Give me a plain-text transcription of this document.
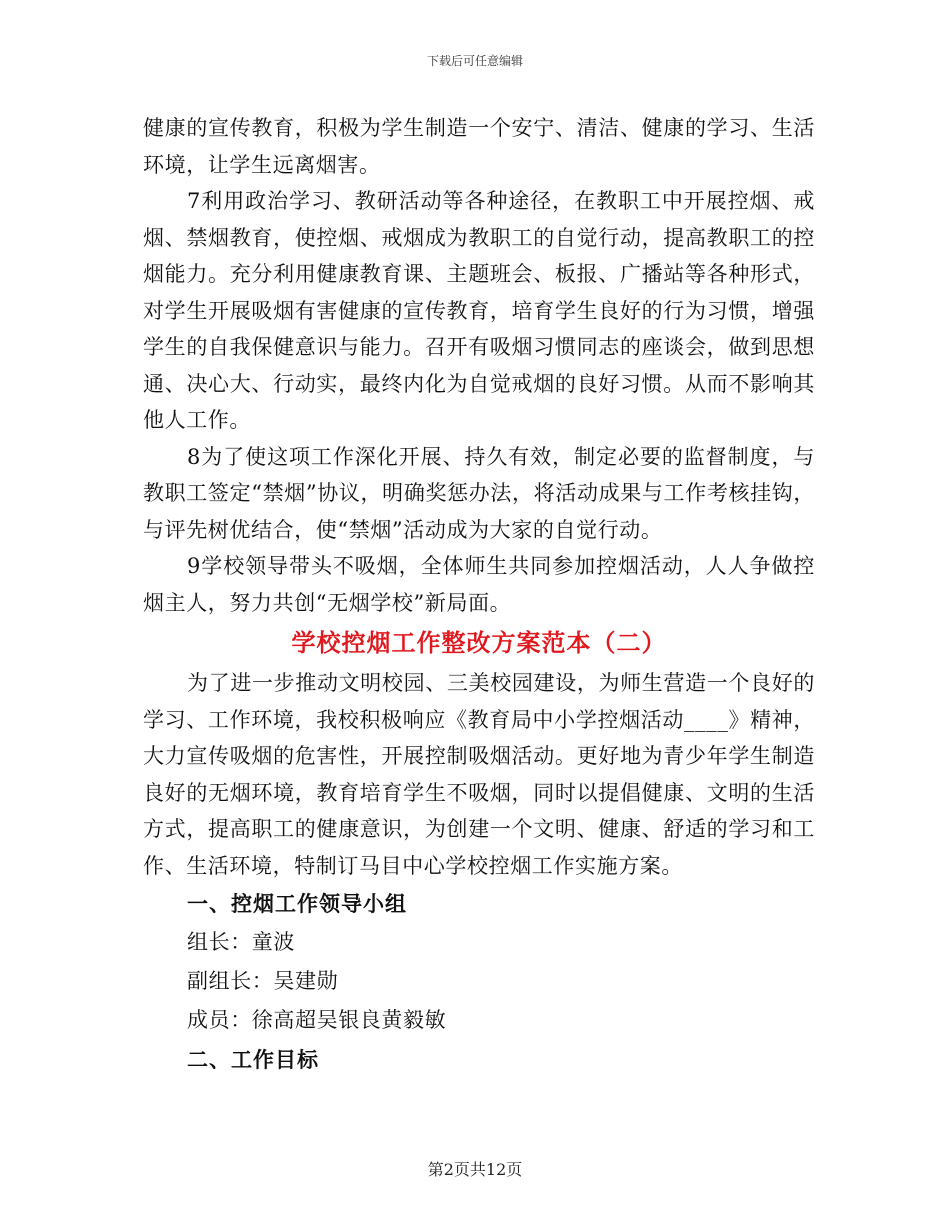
下载后可任意编辑

健康的宣传教育，积极为学生制造一个安宁、清洁、健康的学习、生活环境，让学生远离烟害。

7利用政治学习、教研活动等各种途径，在教职工中开展控烟、戒烟、禁烟教育，使控烟、戒烟成为教职工的自觉行动，提高教职工的控烟能力。充分利用健康教育课、主题班会、板报、广播站等各种形式，对学生开展吸烟有害健康的宣传教育，培育学生良好的行为习惯，增强学生的自我保健意识与能力。召开有吸烟习惯同志的座谈会，做到思想通、决心大、行动实，最终内化为自觉戒烟的良好习惯。从而不影响其他人工作。

8为了使这项工作深化开展、持久有效，制定必要的监督制度，与教职工签定“禁烟”协议，明确奖惩办法，将活动成果与工作考核挂钩，与评先树优结合，使“禁烟”活动成为大家的自觉行动。

9学校领导带头不吸烟，全体师生共同参加控烟活动，人人争做控烟主人，努力共创“无烟学校”新局面。

学校控烟工作整改方案范本（二）

为了进一步推动文明校园、三美校园建设，为师生营造一个良好的学习、工作环境，我校积极响应《教育局中小学控烟活动____》精神，大力宣传吸烟的危害性，开展控制吸烟活动。更好地为青少年学生制造良好的无烟环境，教育培育学生不吸烟，同时以提倡健康、文明的生活方式，提高职工的健康意识，为创建一个文明、健康、舒适的学习和工作、生活环境，特制订马目中心学校控烟工作实施方案。

一、控烟工作领导小组

组长：童波

副组长：吴建勋

成员：徐高超吴银良黄毅敏

二、工作目标
第2页共12页
